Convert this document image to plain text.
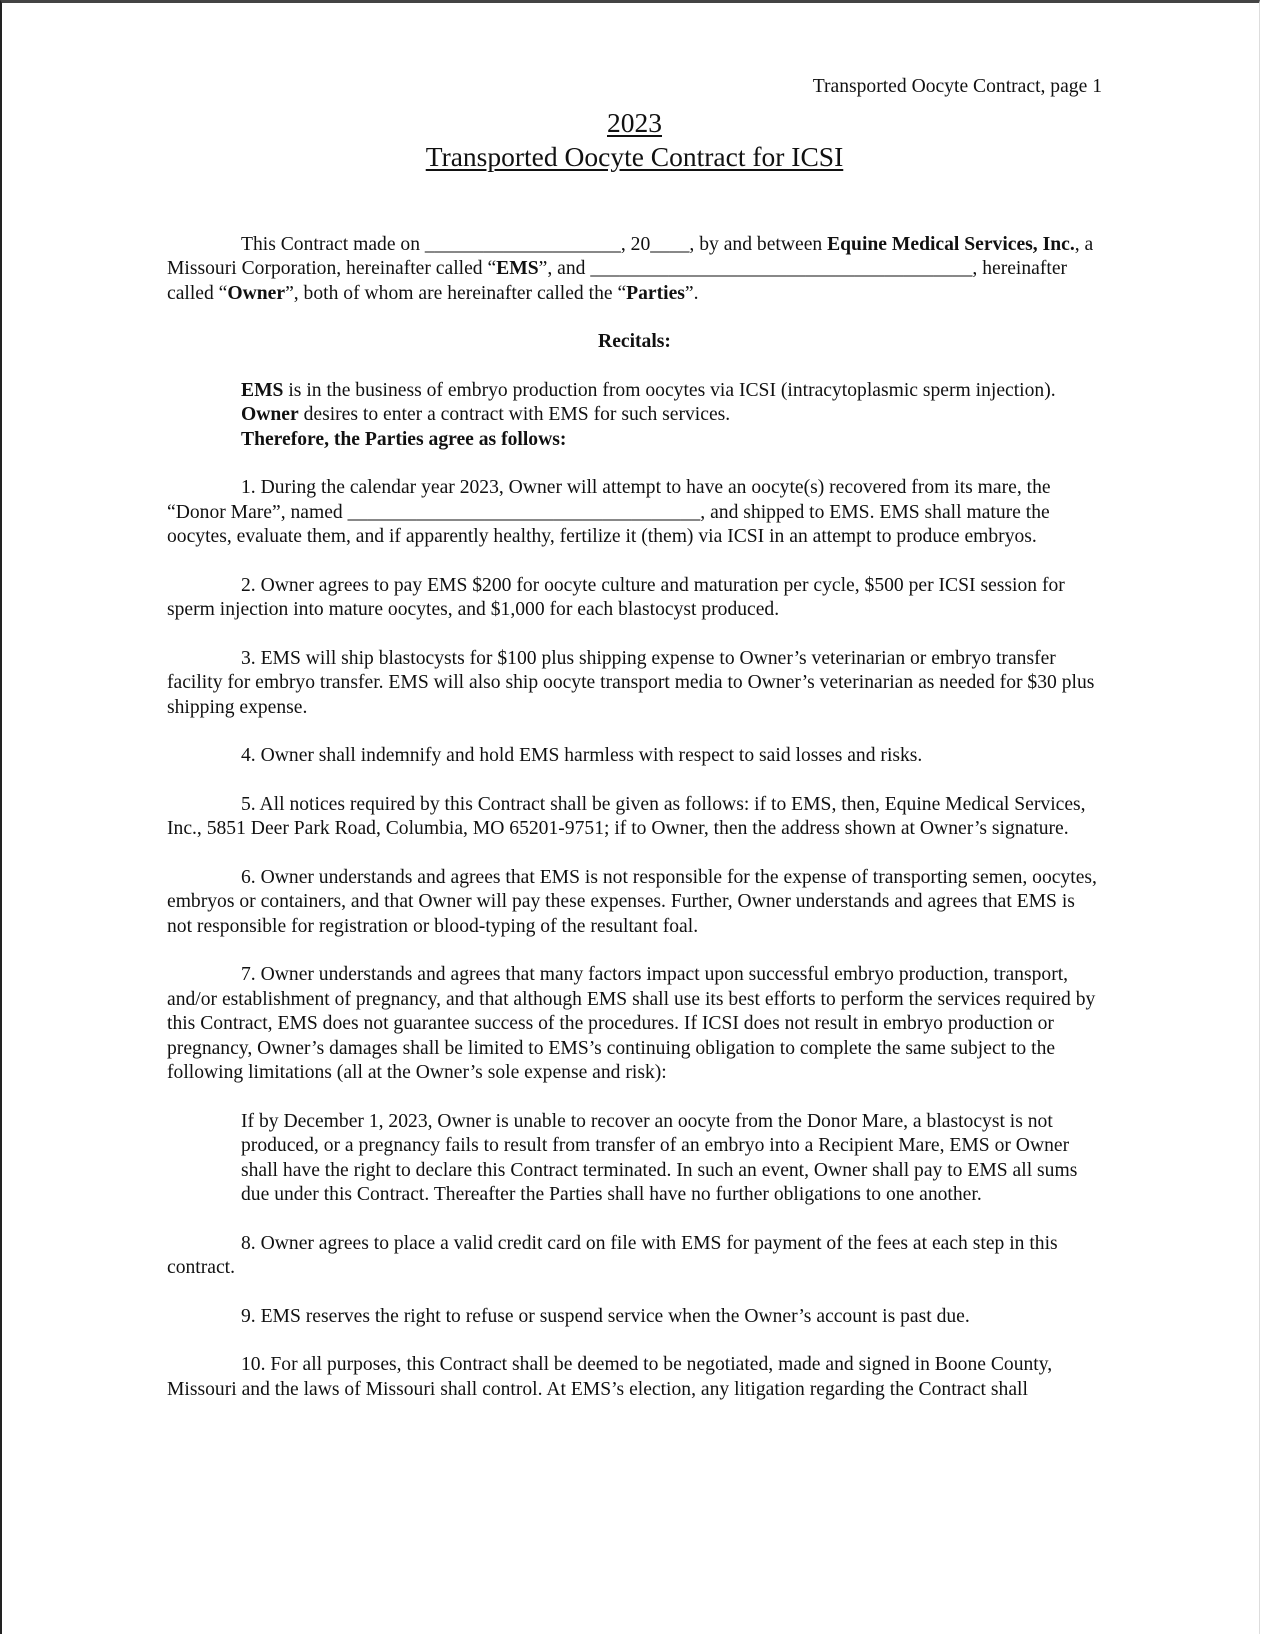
Transported Oocyte Contract, page 1
2023
Transported Oocyte Contract for ICSI

This Contract made on ____________________, 20____, by and between Equine Medical Services, Inc., a Missouri Corporation, hereinafter called “EMS”, and _______________________________________, hereinafter called “Owner”, both of whom are hereinafter called the “Parties”.

Recitals:

EMS is in the business of embryo production from oocytes via ICSI (intracytoplasmic sperm injection).

Owner desires to enter a contract with EMS for such services.

Therefore, the Parties agree as follows:

1. During the calendar year 2023, Owner will attempt to have an oocyte(s) recovered from its mare, the “Donor Mare”, named ____________________________________, and shipped to EMS. EMS shall mature the oocytes, evaluate them, and if apparently healthy, fertilize it (them) via ICSI in an attempt to produce embryos.

2. Owner agrees to pay EMS $200 for oocyte culture and maturation per cycle, $500 per ICSI session for sperm injection into mature oocytes, and $1,000 for each blastocyst produced.

3. EMS will ship blastocysts for $100 plus shipping expense to Owner’s veterinarian or embryo transfer facility for embryo transfer. EMS will also ship oocyte transport media to Owner’s veterinarian as needed for $30 plus shipping expense.

4. Owner shall indemnify and hold EMS harmless with respect to said losses and risks.

5. All notices required by this Contract shall be given as follows: if to EMS, then, Equine Medical Services, Inc., 5851 Deer Park Road, Columbia, MO 65201-9751; if to Owner, then the address shown at Owner’s signature.

6. Owner understands and agrees that EMS is not responsible for the expense of transporting semen, oocytes, embryos or containers, and that Owner will pay these expenses. Further, Owner understands and agrees that EMS is not responsible for registration or blood-typing of the resultant foal.

7. Owner understands and agrees that many factors impact upon successful embryo production, transport, and/or establishment of pregnancy, and that although EMS shall use its best efforts to perform the services required by this Contract, EMS does not guarantee success of the procedures. If ICSI does not result in embryo production or pregnancy, Owner’s damages shall be limited to EMS’s continuing obligation to complete the same subject to the following limitations (all at the Owner’s sole expense and risk):

If by December 1, 2023, Owner is unable to recover an oocyte from the Donor Mare, a blastocyst is not produced, or a pregnancy fails to result from transfer of an embryo into a Recipient Mare, EMS or Owner shall have the right to declare this Contract terminated. In such an event, Owner shall pay to EMS all sums due under this Contract. Thereafter the Parties shall have no further obligations to one another.

8. Owner agrees to place a valid credit card on file with EMS for payment of the fees at each step in this contract.

9. EMS reserves the right to refuse or suspend service when the Owner’s account is past due.

10. For all purposes, this Contract shall be deemed to be negotiated, made and signed in Boone County, Missouri and the laws of Missouri shall control. At EMS’s election, any litigation regarding the Contract shall
